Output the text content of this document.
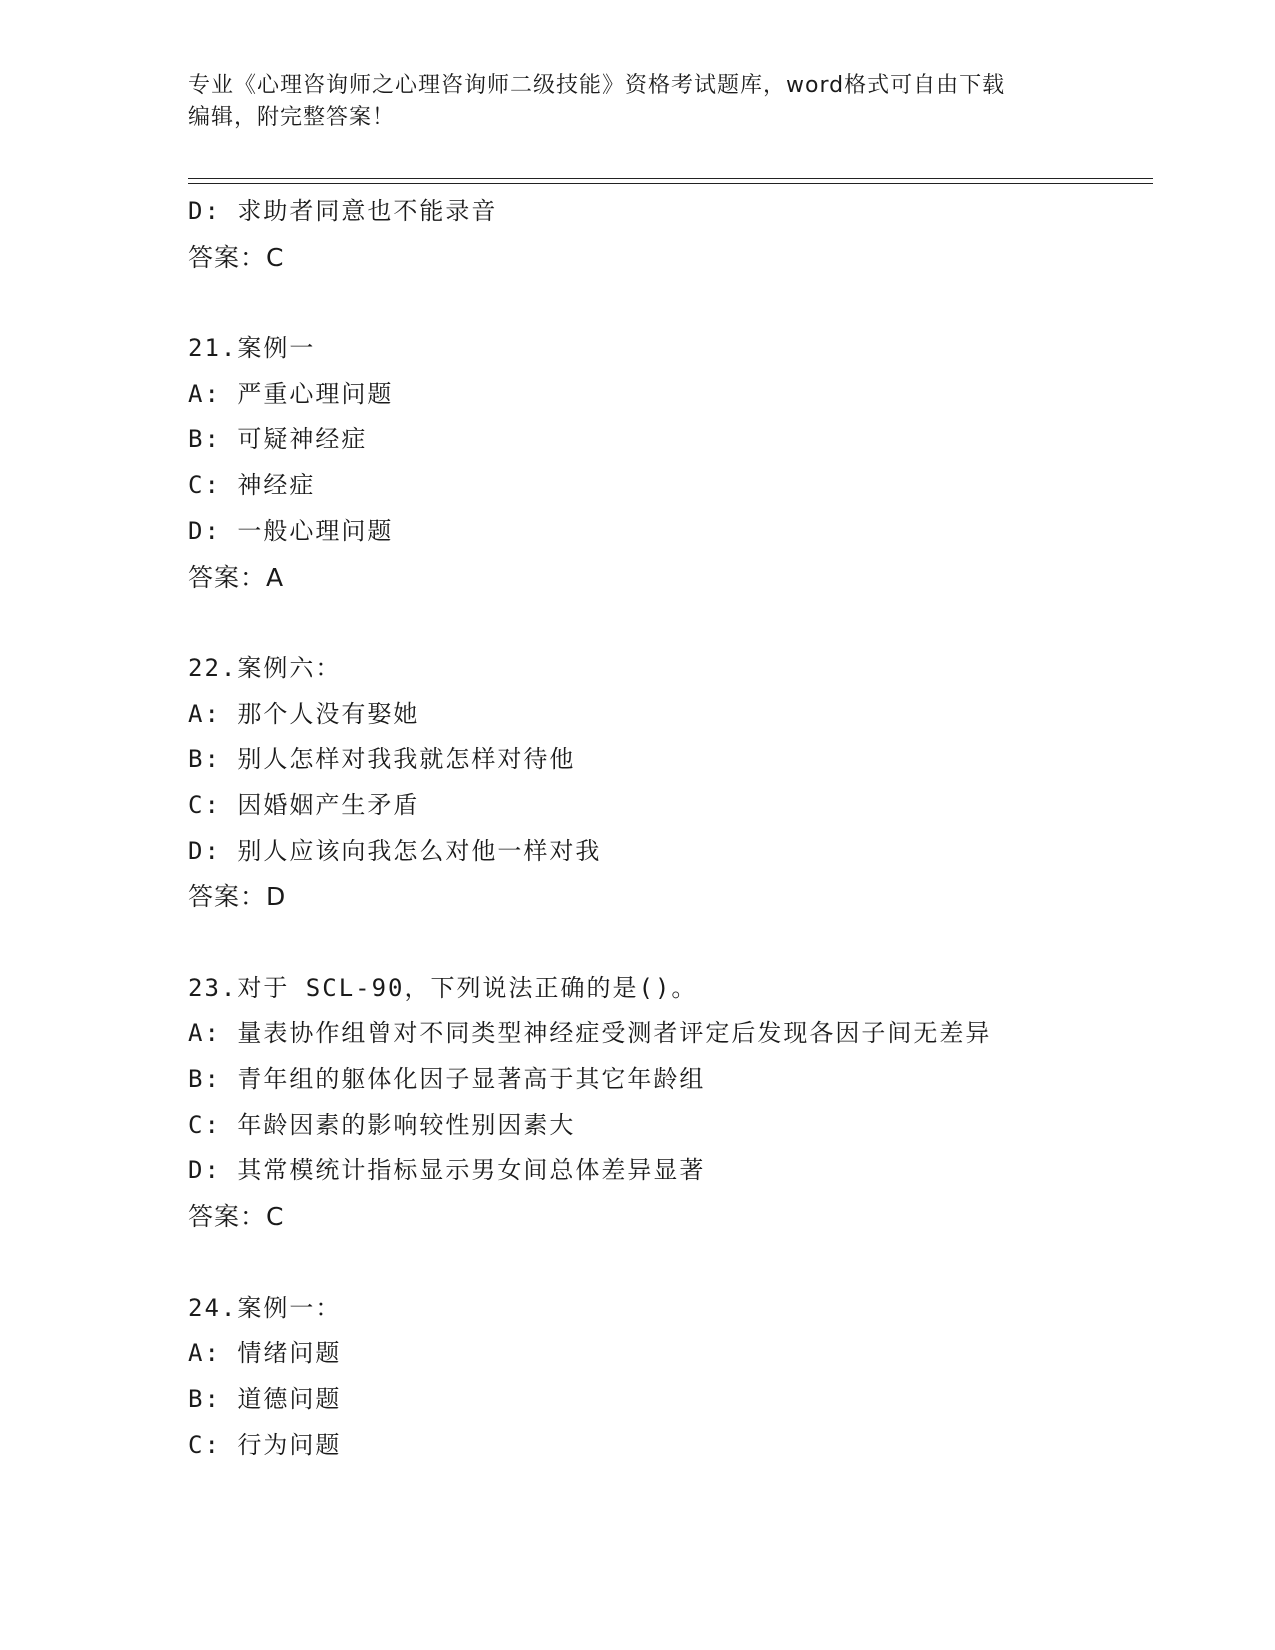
专业《心理咨询师之心理咨询师二级技能》资格考试题库，word格式可自由下载
编辑，附完整答案！
D: 求助者同意也不能录音
答案：C
21.案例一
A: 严重心理问题
B: 可疑神经症
C: 神经症
D: 一般心理问题
答案：A
22.案例六：
A: 那个人没有娶她
B: 别人怎样对我我就怎样对待他
C: 因婚姻产生矛盾
D: 别人应该向我怎么对他一样对我
答案：D
23.对于 SCL-90，下列说法正确的是()。
A: 量表协作组曾对不同类型神经症受测者评定后发现各因子间无差异
B: 青年组的躯体化因子显著高于其它年龄组
C: 年龄因素的影响较性别因素大
D: 其常模统计指标显示男女间总体差异显著
答案：C
24.案例一：
A: 情绪问题
B: 道德问题
C: 行为问题
